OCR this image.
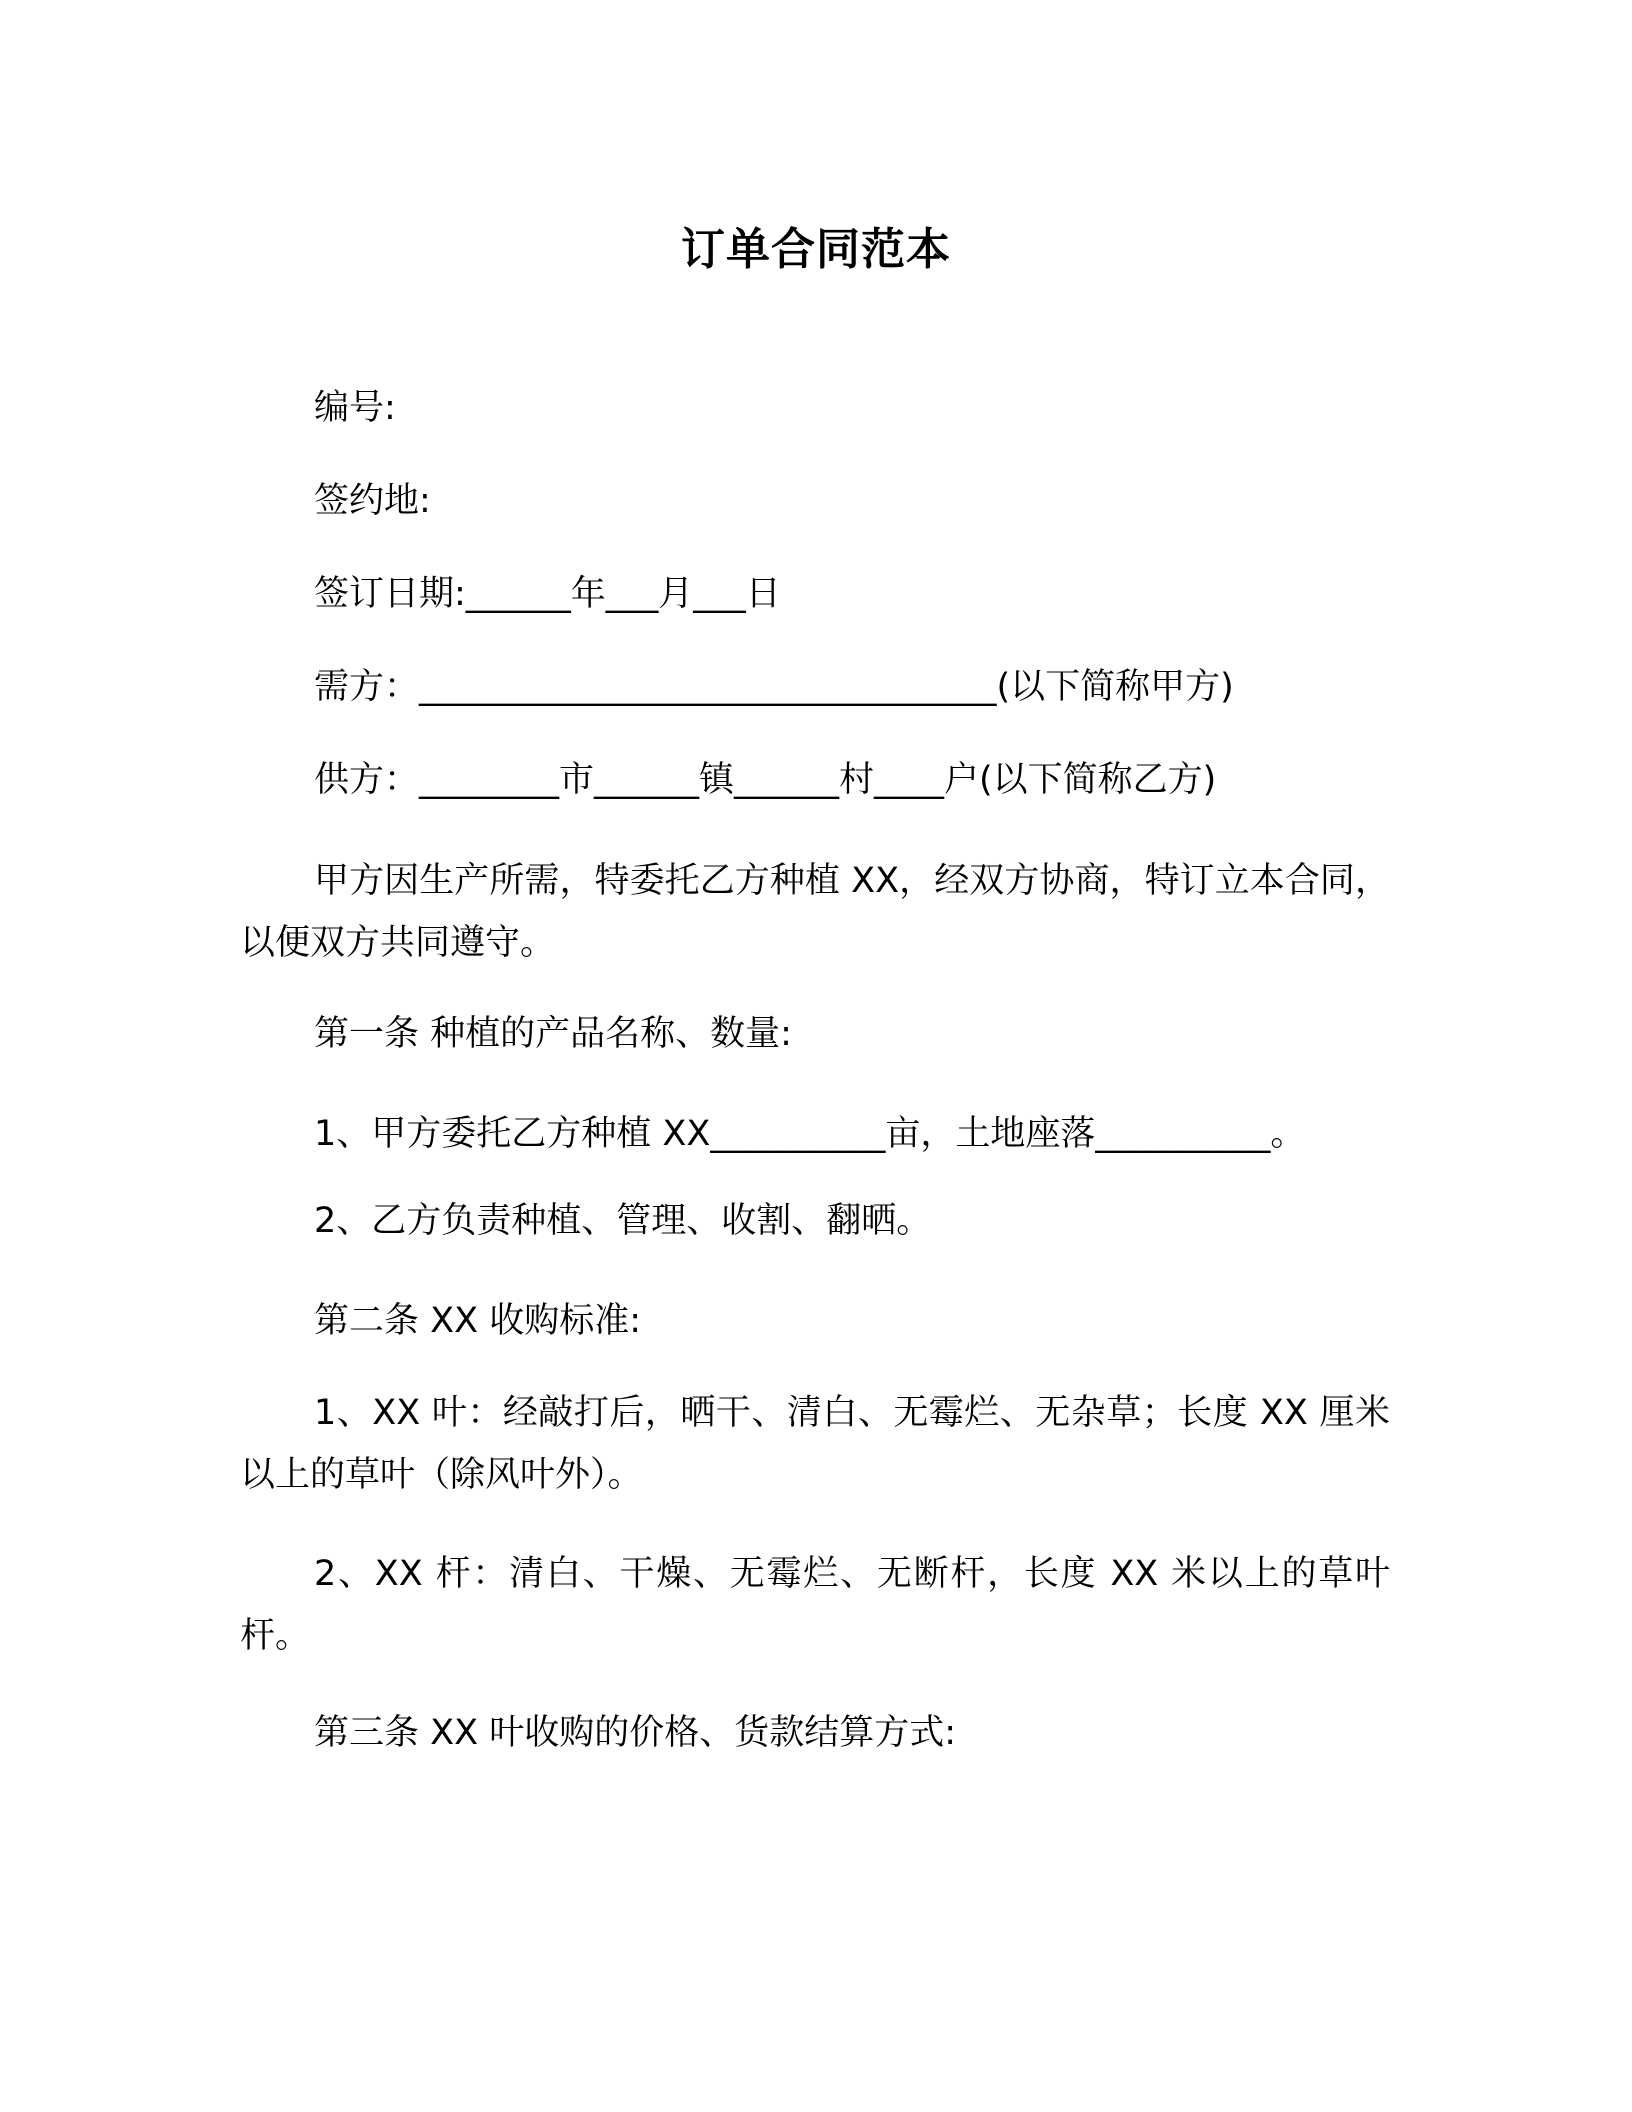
订单合同范本
编号:
签约地:
签订日期:______年___月___日
需方：_________________________________(以下简称甲方)
供方：________市______镇______村____户(以下简称乙方)
甲方因生产所需，特委托乙方种植 XX，经双方协商，特订立本合同，以便双方共同遵守。
第一条 种植的产品名称、数量:
1、甲方委托乙方种植 XX__________亩，土地座落__________。
2、乙方负责种植、管理、收割、翻晒。
第二条 XX 收购标准:
1、XX 叶：经敲打后，晒干、清白、无霉烂、无杂草；长度 XX 厘米以上的草叶（除风叶外）。
2、XX 杆：清白、干燥、无霉烂、无断杆，长度 XX 米以上的草叶杆。
第三条 XX 叶收购的价格、货款结算方式:
